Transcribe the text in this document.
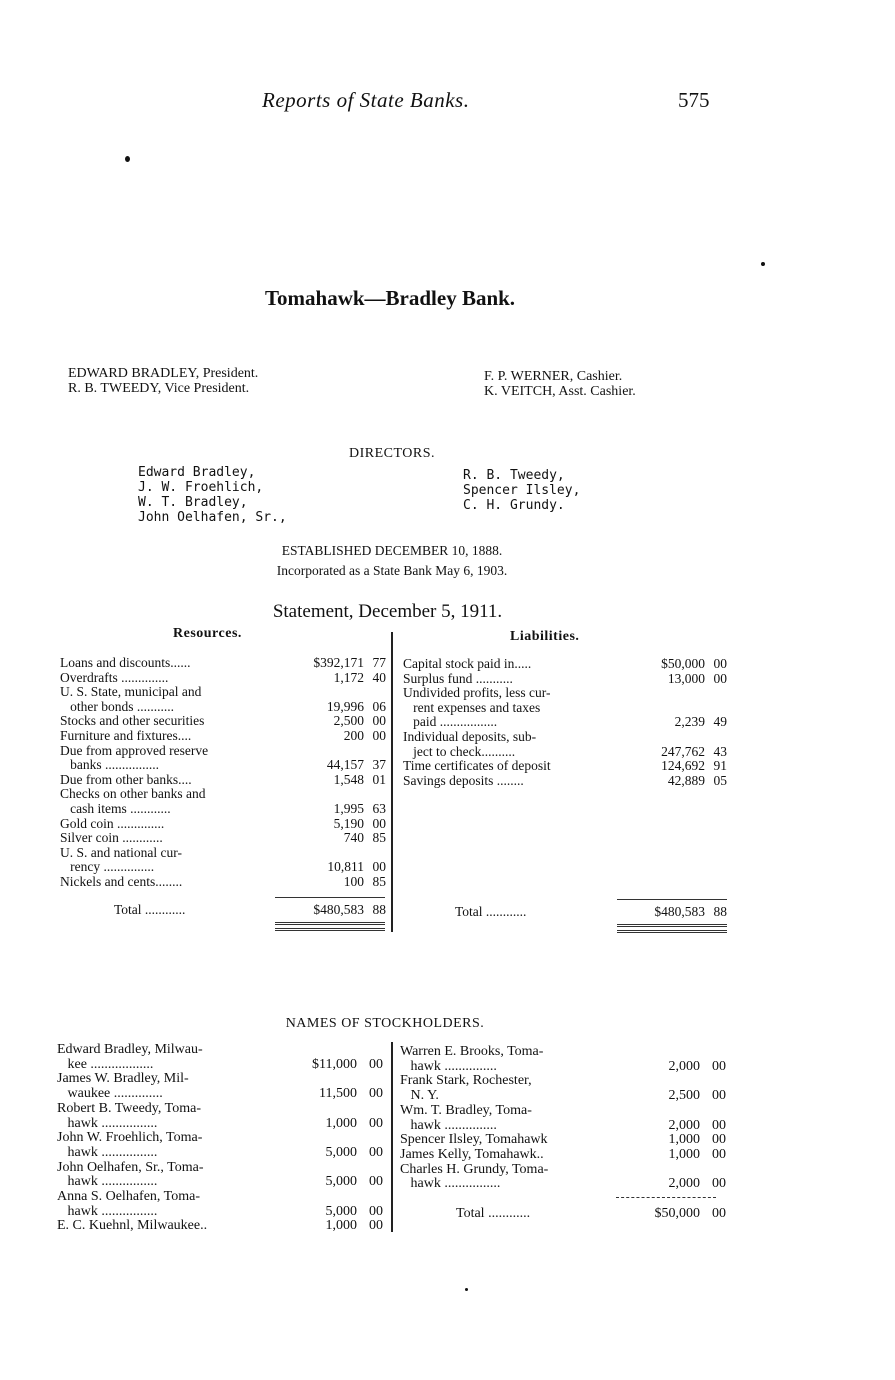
Reports of State Banks.	575
Tomahawk—Bradley Bank.
EDWARD BRADLEY, President.
R. B. TWEEDY, Vice President.
F. P. WERNER, Cashier.
K. VEITCH, Asst. Cashier.
DIRECTORS.
Edward Bradley,
J. W. Froehlich,
W. T. Bradley,
John Oelhafen, Sr.,
R. B. Tweedy,
Spencer Ilsley,
C. H. Grundy.
ESTABLISHED DECEMBER 10, 1888.
Incorporated as a State Bank May 6, 1903.
Statement, December 5, 1911.
Resources.	Liabilities.
Loans and discounts......	$392,171 77
Overdrafts ..............	1,172 40
U. S. State, municipal and
other bonds ...........	19,996 06
Stocks and other securities	2,500 00
Furniture and fixtures....	200 00
Due from approved reserve
banks ................	44,157 37
Due from other banks....	1,548 01
Checks on other banks and
cash items ............	1,995 63
Gold coin ..............	5,190 00
Silver coin ............	740 85
U. S. and national cur-
rency ...............	10,811 00
Nickels and cents........	100 85
Total ............	$480,583 88
Capital stock paid in.....	$50,000 00
Surplus fund ...........	13,000 00
Undivided profits, less cur-
rent expenses and taxes
paid .................	2,239 49
Individual deposits, sub-
ject to check..........	247,762 43
Time certificates of deposit	124,692 91
Savings deposits ........	42,889 05
Total ............	$480,583 88
NAMES OF STOCKHOLDERS.
Edward Bradley, Milwau-
kee ..................	$11,000 00
James W. Bradley, Mil-
waukee ..............	11,500 00
Robert B. Tweedy, Toma-
hawk ................	1,000 00
John W. Froehlich, Toma-
hawk ................	5,000 00
John Oelhafen, Sr., Toma-
hawk ................	5,000 00
Anna S. Oelhafen, Toma-
hawk ................	5,000 00
E. C. Kuehnl, Milwaukee..	1,000 00
Warren E. Brooks, Toma-
hawk ...............	2,000 00
Frank Stark, Rochester,
N. Y.	2,500 00
Wm. T. Bradley, Toma-
hawk ...............	2,000 00
Spencer Ilsley, Tomahawk	1,000 00
James Kelly, Tomahawk..	1,000 00
Charles H. Grundy, Toma-
hawk ................	2,000 00
Total ............	$50,000 00
